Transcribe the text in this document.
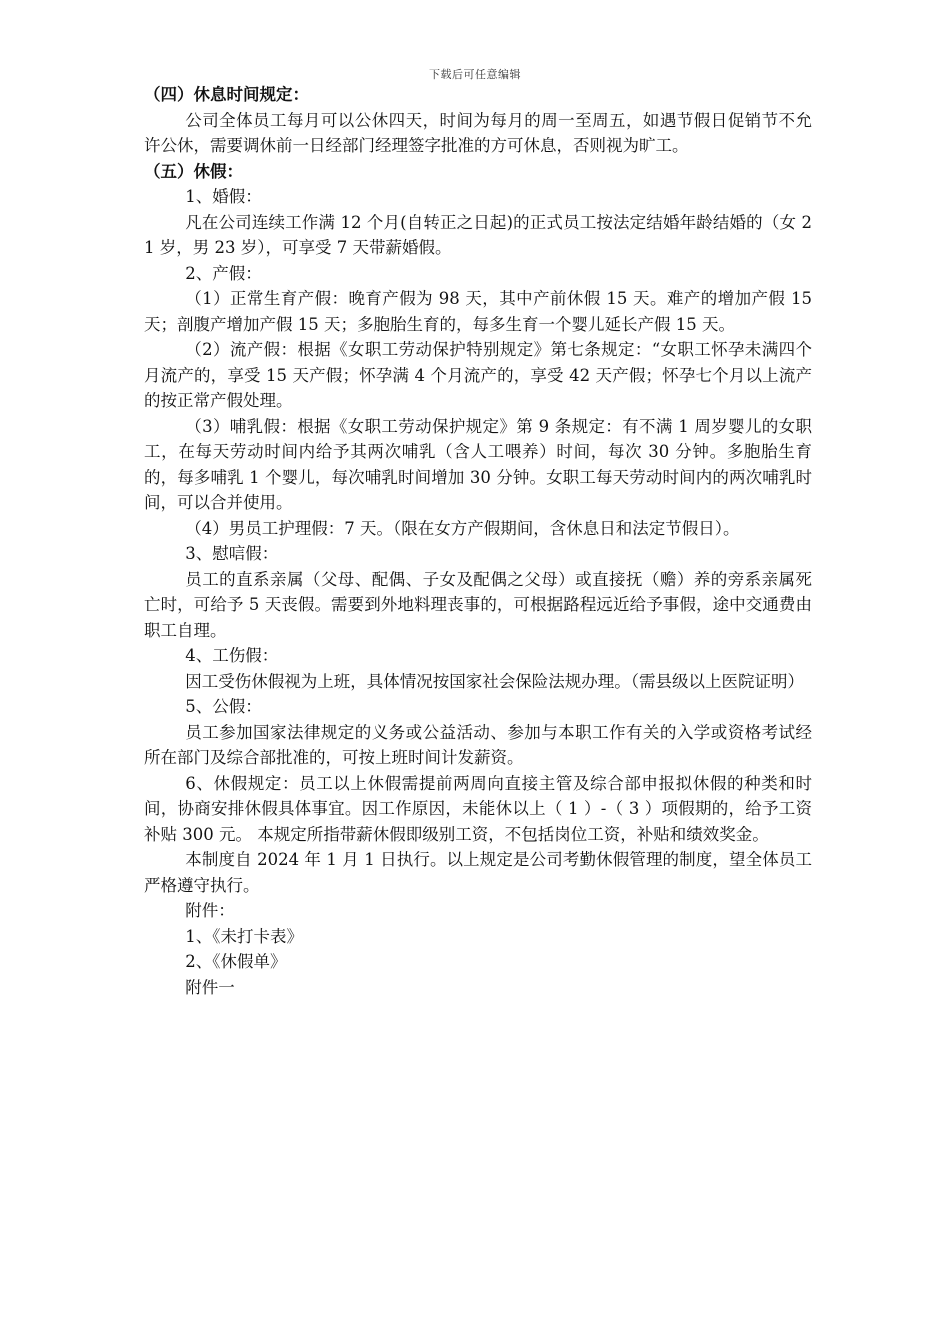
下载后可任意编辑

（四）休息时间规定：

公司全体员工每月可以公休四天，时间为每月的周一至周五，如遇节假日促销节不允许公休，需要调休前一日经部门经理签字批准的方可休息，否则视为旷工。

（五）休假：

1、婚假：

凡在公司连续工作满 12 个月(自转正之日起)的正式员工按法定结婚年龄结婚的（女 21 岁，男 23 岁），可享受 7 天带薪婚假。

2、产假：

（1）正常生育产假：晚育产假为 98 天，其中产前休假 15 天。难产的增加产假 15天；剖腹产增加产假 15 天；多胞胎生育的，每多生育一个婴儿延长产假 15 天。

（2）流产假：根据《女职工劳动保护特别规定》第七条规定：“女职工怀孕未满四个月流产的，享受 15 天产假；怀孕满 4 个月流产的，享受 42 天产假；怀孕七个月以上流产的按正常产假处理。

（3）哺乳假：根据《女职工劳动保护规定》第 9 条规定：有不满 1 周岁婴儿的女职工，在每天劳动时间内给予其两次哺乳（含人工喂养）时间，每次 30 分钟。多胞胎生育的，每多哺乳 1 个婴儿，每次哺乳时间增加 30 分钟。女职工每天劳动时间内的两次哺乳时间，可以合并使用。

（4）男员工护理假：7 天。（限在女方产假期间，含休息日和法定节假日）。

3、慰唁假：

员工的直系亲属（父母、配偶、子女及配偶之父母）或直接抚（赡）养的旁系亲属死亡时，可给予 5 天丧假。需要到外地料理丧事的，可根据路程远近给予事假，途中交通费由职工自理。

4、工伤假：

因工受伤休假视为上班，具体情况按国家社会保险法规办理。（需县级以上医院证明）

5、公假：

员工参加国家法律规定的义务或公益活动、参加与本职工作有关的入学或资格考试经所在部门及综合部批准的，可按上班时间计发薪资。

6、休假规定：员工以上休假需提前两周向直接主管及综合部申报拟休假的种类和时间，协商安排休假具体事宜。因工作原因，未能休以上（ 1 ）-（ 3 ）项假期的，给予工资补贴 300 元。 本规定所指带薪休假即级别工资，不包括岗位工资，补贴和绩效奖金。

本制度自 2024 年 1 月 1 日执行。以上规定是公司考勤休假管理的制度，望全体员工严格遵守执行。

附件：

1、《未打卡表》

2、《休假单》

附件一
